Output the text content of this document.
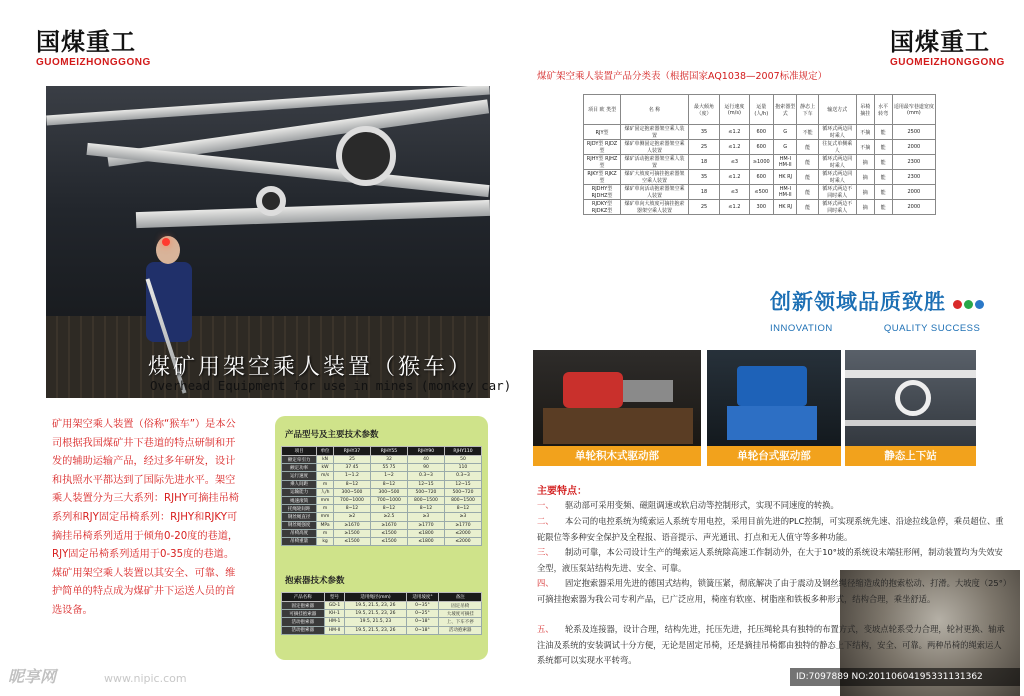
国煤重工
GUOMEIZHONGGONG
国煤重工
GUOMEIZHONGGONG
煤矿用架空乘人装置（猴车）
Overhead Equipment for use in mines (monkey car)
矿用架空乘人装置（俗称“猴车”）是本公司根据我国煤矿井下巷道的特点研制和开发的辅助运输产品，经过多年研发，设计和执照水平都达到了国际先进水平。架空乘人装置分为三大系列：RJHY可摘挂吊椅系列和RJY固定吊椅系列：RJHY和RJKY可摘挂吊椅系列适用于倾角0-20度的巷道，RJY固定吊椅系列适用于0-35度的巷道。煤矿用架空乘人装置以其安全、可靠、维护简单的特点成为煤矿井下运送人员的首选设备。
产品型号及主要技术参数
项目	单位	RJHY37	RJHY55	RJHY90	RJHY110
额定牵引力	kN	25	32	40	50
额定功率	kW	37 45	55 75	90	110
运行速度	m/s	1~1.2	1~2	0.3~3	0.3~3
乘人间距	m	8~12	8~12	12~15	12~15
运输能力	人/h	300~500	300~500	500~720	500~720
绳速滚筒	mm	700~1000	700~1000	800~1500	800~1500
托绳轮间距	m	8~12	8~12	8~12	8~12
钢丝绳直径	mm	≥2	≥2.5	≥3	≥3
钢丝绳强度	MPa	≥1670	≥1670	≥1770	≥1770
吊椅高度	m	≥1500	≤1500	≤1800	≤2000
吊椅重量	kg	≤1500	≤1500	≤1800	≤2000
抱索器技术参数
产品名称	型号	适用绳径(mm)	适用坡度°	备注
固定抱索器	GD-1	19.5, 21.5, 23, 26	0~35°	固定吊椅
可摘挂抱索器	KH-1	19.5, 21.5, 23, 26	0~25°	大坡度可摘挂
活动抱索器	HM-1	19.5, 21.5, 23	0~18°	上、下车不停
活动抱索器	HM-II	19.5, 21.5, 23, 26	0~18°	活动抱索器
煤矿架空乘人装置产品分类表（根据国家AQ1038—2007标准规定）
项目 欧 类型	名 称	最大倾角（度）	运行速度(m/s)	运量(人/h)	抱索器型式	静态上下车	输送方式	吊椅摘挂	水平转弯	适用最窄巷道宽度(mm)
RJY型	煤矿固定抱索器架空乘人装置	35	≤1.2	600	G	不能	循环式两边同时乘人	不摘	能	2500
RJDY型 RJDZ型	煤矿单侧固定抱索器架空乘人装置	25	≤1.2	600	G	能	往复式单侧乘人	不摘	能	2000
RJHY型 RJHZ型	煤矿活动抱索器架空乘人装置	18	≤3	≥1000	HM-I HM-II	能	循环式两边同时乘人	摘	能	2300
RJKY型 RJKZ型	煤矿大坡度可摘挂抱索器架空乘人装置	35	≤1.2	600	HK RJ	能	循环式两边同时乘人	摘	能	2300
RJDHY型 RJDHZ型	煤矿单向活动抱索器架空乘人装置	18	≤3	≤500	HM-I HM-II	能	循环式两边不同时乘人	摘	能	2000
RJDKY型 RJDKZ型	煤矿单向大坡度可摘挂抱索器架空乘人装置	25	≤1.2	300	HK RJ	能	循环式两边不同时乘人	摘	能	2000
创新领域品质致胜
INNOVATION	QUALITY SUCCESS
单轮积木式驱动部	单轮台式驱动部	静态上下站
主要特点：
一、 驱动部可采用变频、磁阻调速或软启动等控制形式，实现不同速度的转换。
二、 本公司的电控系统为缆索运人系统专用电控，采用目前先进的PLC控制，可实现系统先速、沿途拉线急停，乘员超位、重砣限位等多种安全保护及全程报、语音提示、声光通讯、打点和无人值守等多种功能。
三、 制动可靠，本公司设计生产的绳索运人系统除高速工作制动外，在大于10°坡的系统设末端驻形闸，制动装置均为失效安全型，液压泵站结构先进、安全、可靠。
四、 固定抱索器采用先进的德国式结构，锁簧压紧，彻底解决了由于震动及钢丝绳径缩造成的抱索松动、打滑。大坡度（25°）可摘挂抱索器为我公司专利产品，已广泛应用，椅座有软座、树脂座和铁板多种形式，结构合理，乘坐舒适。
五、 轮系及连接器，设计合理，结构先进，托压先进，托压绳轮具有独特的布置方式，变坡点轮系受力合理，轮衬更换、轴承注油及系统的安装调试十分方便，无论是固定吊椅，还是摘挂吊椅都由独特的静态上下结构，安全、可靠。两种吊椅的绳索运人系统都可以实现水平转弯。
昵享网	www.nipic.com	ID:7097889 NO:20110604195331131362
